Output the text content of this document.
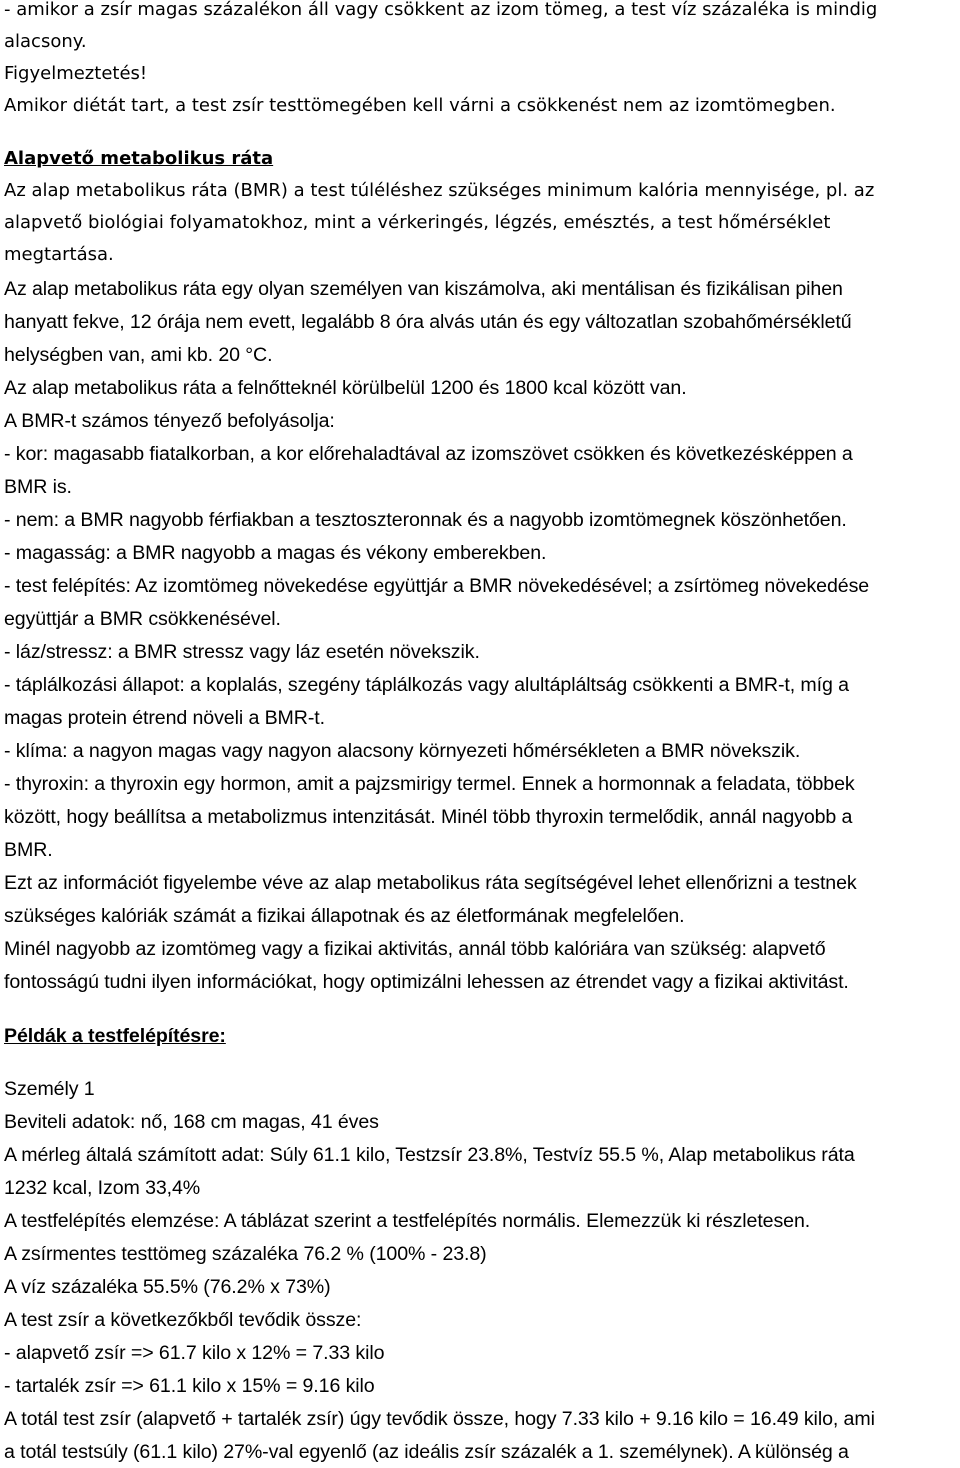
- amikor a zsír magas százalékon áll vagy csökkent az izom tömeg, a test víz százaléka is mindig
alacsony.
Figyelmeztetés!
Amikor diétát tart, a test zsír testtömegében kell várni a csökkenést nem az izomtömegben.
Alapvető metabolikus ráta
Az alap metabolikus ráta (BMR) a test túléléshez szükséges minimum kalória mennyisége, pl. az
alapvető biológiai folyamatokhoz, mint a vérkeringés, légzés, emésztés, a test hőmérséklet
megtartása.
Az alap metabolikus ráta egy olyan személyen van kiszámolva, aki mentálisan és fizikálisan pihen
hanyatt fekve, 12 órája nem evett, legalább 8 óra alvás után és egy változatlan szobahőmérsékletű
helységben van, ami kb. 20 °C.
Az alap metabolikus ráta a felnőtteknél körülbelül 1200 és 1800 kcal között van.
A BMR-t számos tényező befolyásolja:
- kor: magasabb fiatalkorban, a kor előrehaladtával az izomszövet csökken és következésképpen a
BMR is.
- nem: a BMR nagyobb férfiakban a tesztoszteronnak és a nagyobb izomtömegnek köszönhetően.
- magasság: a BMR nagyobb a magas és vékony emberekben.
- test felépítés: Az izomtömeg növekedése együttjár a BMR növekedésével; a zsírtömeg növekedése
együttjár a BMR csökkenésével.
- láz/stressz: a BMR stressz vagy láz esetén növekszik.
- táplálkozási állapot: a koplalás, szegény táplálkozás vagy alultápláltság csökkenti a BMR-t, míg a
magas protein étrend növeli a BMR-t.
- klíma: a nagyon magas vagy nagyon alacsony környezeti hőmérsékleten a BMR növekszik.
- thyroxin: a thyroxin egy hormon, amit a pajzsmirigy termel. Ennek a hormonnak a feladata, többek
között, hogy beállítsa a metabolizmus intenzitását. Minél több thyroxin termelődik, annál nagyobb a
BMR.
Ezt az információt figyelembe véve az alap metabolikus ráta segítségével lehet ellenőrizni a testnek
szükséges kalóriák számát a fizikai állapotnak és az életformának megfelelően.
Minél nagyobb az izomtömeg vagy a fizikai aktivitás, annál több kalóriára van szükség: alapvető
fontosságú tudni ilyen információkat, hogy optimizálni lehessen az étrendet vagy a fizikai aktivitást.
Példák a testfelépítésre:
Személy 1
Beviteli adatok: nő, 168 cm magas, 41 éves
A mérleg általá számított adat: Súly 61.1 kilo, Testzsír 23.8%, Testvíz 55.5 %, Alap metabolikus ráta
1232 kcal, Izom 33,4%
A testfelépítés elemzése: A táblázat szerint a testfelépítés normális. Elemezzük ki részletesen.
A zsírmentes testtömeg százaléka 76.2 % (100% - 23.8)
A víz százaléka 55.5% (76.2% x 73%)
A test zsír a következőkből tevődik össze:
- alapvető zsír => 61.7 kilo x 12% = 7.33 kilo
- tartalék zsír => 61.1 kilo x 15% = 9.16 kilo
A totál test zsír (alapvető + tartalék zsír) úgy tevődik össze, hogy 7.33 kilo + 9.16 kilo = 16.49 kilo, ami
a totál testsúly (61.1 kilo) 27%-val egyenlő (az ideális zsír százalék a 1. személynek). A különség a
